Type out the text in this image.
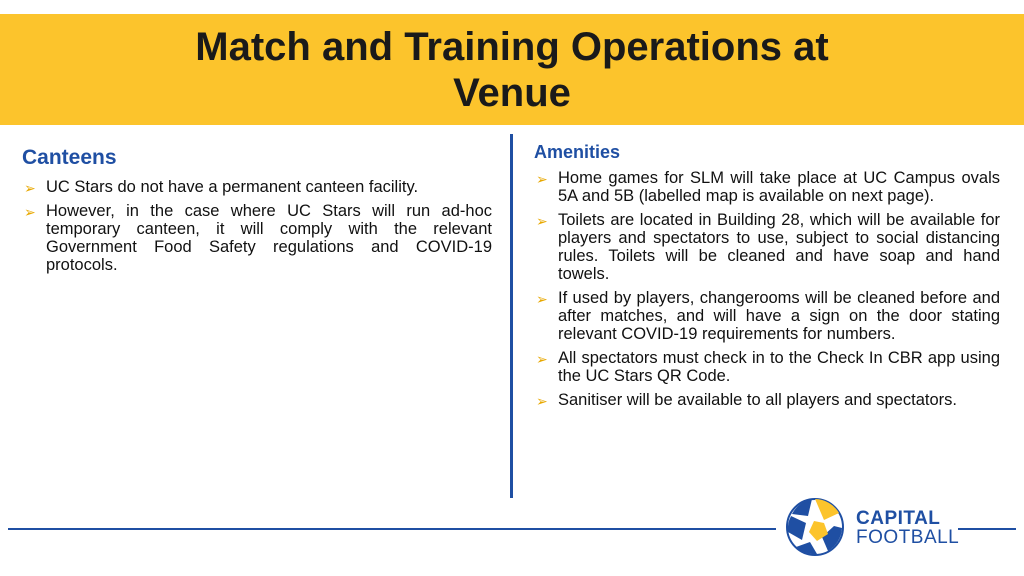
Match and Training Operations at
Venue
Canteens
➢ UC Stars do not have a permanent canteen facility.
➢ However, in the case where UC Stars will run ad-hoc temporary canteen, it will comply with the relevant Government Food Safety regulations and COVID-19 protocols.
Amenities
➢ Home games for SLM will take place at UC Campus ovals 5A and 5B (labelled map is available on next page).
➢ Toilets are located in Building 28, which will be available for players and spectators to use, subject to social distancing rules. Toilets will be cleaned and have soap and hand towels.
➢ If used by players, changerooms will be cleaned before and after matches, and will have a sign on the door stating relevant COVID-19 requirements for numbers.
➢ All spectators must check in to the Check In CBR app using the UC Stars QR Code.
➢ Sanitiser will be available to all players and spectators.
CAPITAL
FOOTBALL
